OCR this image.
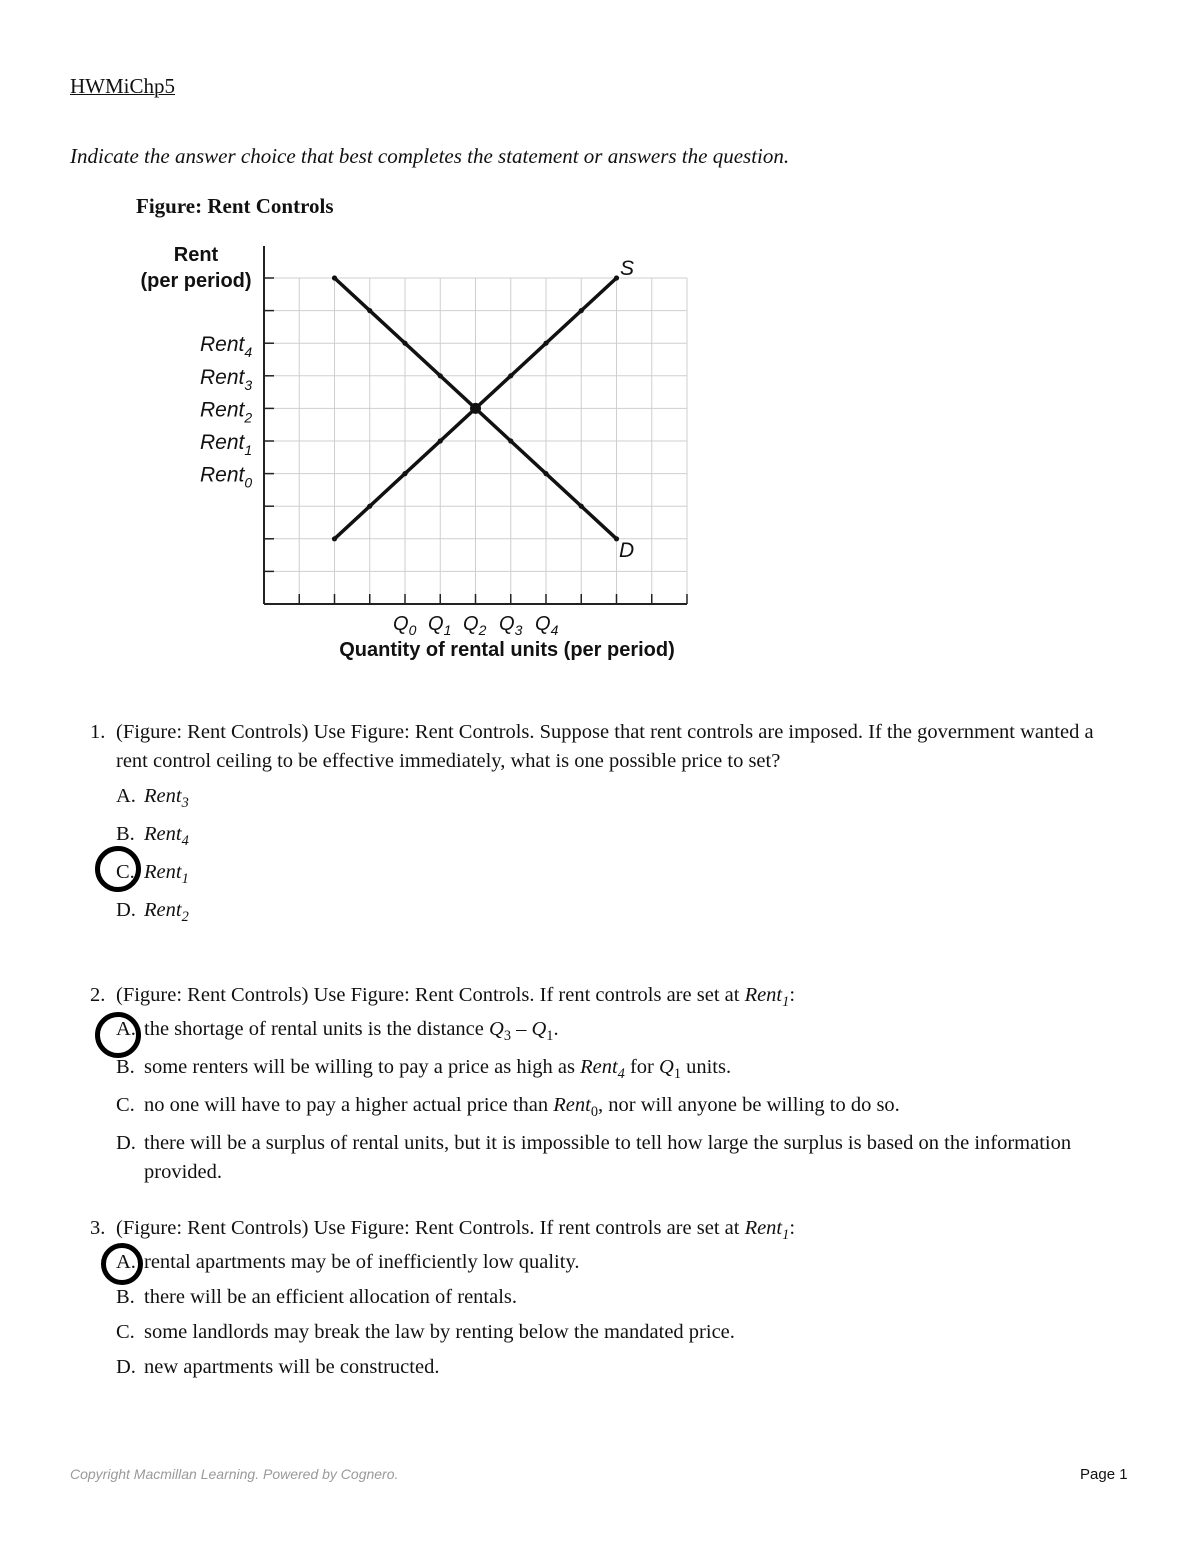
HWMiChp5
Indicate the answer choice that best completes the statement or answers the question.
Figure: Rent Controls
S
D
Rent
(per period)
Rent$_4$
Rent$_3$
Rent$_2$
Rent$_1$
Rent$_0$
$Q_0$ $Q_1$ $Q_2$ $Q_3$ $Q_4$
Quantity of rental units (per period)
1. (Figure: Rent Controls) Use Figure: Rent Controls. Suppose that rent controls are imposed. If the government wanted a rent control ceiling to be effective immediately, what is one possible price to set?
A. Rent$_3$
B. Rent$_4$
C. Rent$_1$
D. Rent$_2$
2. (Figure: Rent Controls) Use Figure: Rent Controls. If rent controls are set at Rent$_1$:
A. the shortage of rental units is the distance $Q_3 - Q_1$.
B. some renters will be willing to pay a price as high as Rent$_4$ for $Q_1$ units.
C. no one will have to pay a higher actual price than Rent$_0$, nor will anyone be willing to do so.
D. there will be a surplus of rental units, but it is impossible to tell how large the surplus is based on the information provided.
3. (Figure: Rent Controls) Use Figure: Rent Controls. If rent controls are set at Rent$_1$:
A. rental apartments may be of inefficiently low quality.
B. there will be an efficient allocation of rentals.
C. some landlords may break the law by renting below the mandated price.
D. new apartments will be constructed.
Copyright Macmillan Learning. Powered by Cognero.	Page 1
